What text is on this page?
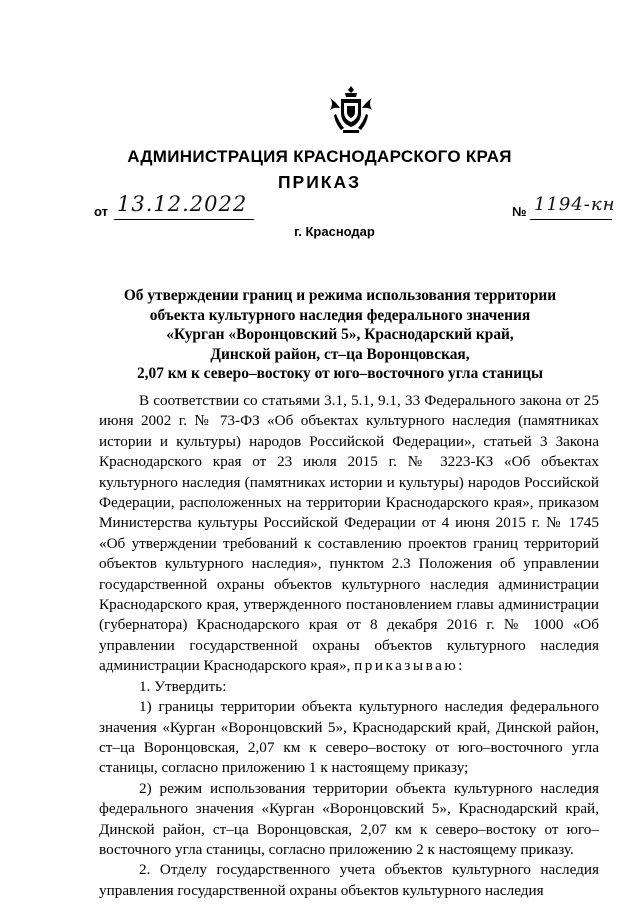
АДМИНИСТРАЦИЯ КРАСНОДАРСКОГО КРАЯ
ПРИКАЗ
от 13.12.2022	№ 1194-кн
г. Краснодар
Об утверждении границ и режима использования территории
объекта культурного наследия федерального значения
«Курган «Воронцовский 5», Краснодарский край,
Динской район, ст–ца Воронцовская,
2,07 км к северо–востоку от юго–восточного угла станицы

В соответствии со статьями 3.1, 5.1, 9.1, 33 Федерального закона от 25 июня 2002 г. № 73-ФЗ «Об объектах культурного наследия (памятниках истории и культуры) народов Российской Федерации», статьей 3 Закона Краснодарского края от 23 июля 2015 г. № 3223-КЗ «Об объектах культурного наследия (памятниках истории и культуры) народов Российской Федерации, расположенных на территории Краснодарского края», приказом Министерства культуры Российской Федерации от 4 июня 2015 г. № 1745 «Об утверждении требований к составлению проектов границ территорий объектов культурного наследия», пунктом 2.3 Положения об управлении государственной охраны объектов культурного наследия администрации Краснодарского края, утвержденного постановлением главы администрации (губернатора) Краснодарского края от 8 декабря 2016 г. № 1000 «Об управлении государственной охраны объектов культурного наследия администрации Краснодарского края», приказываю:

1. Утвердить:

1) границы территории объекта культурного наследия федерального значения «Курган «Воронцовский 5», Краснодарский край, Динской район, ст–ца Воронцовская, 2,07 км к северо–востоку от юго–восточного угла станицы, согласно приложению 1 к настоящему приказу;

2) режим использования территории объекта культурного наследия федерального значения «Курган «Воронцовский 5», Краснодарский край, Динской район, ст–ца Воронцовская, 2,07 км к северо–востоку от юго–восточного угла станицы, согласно приложению 2 к настоящему приказу.

2. Отделу государственного учета объектов культурного наследия управления государственной охраны объектов культурного наследия
